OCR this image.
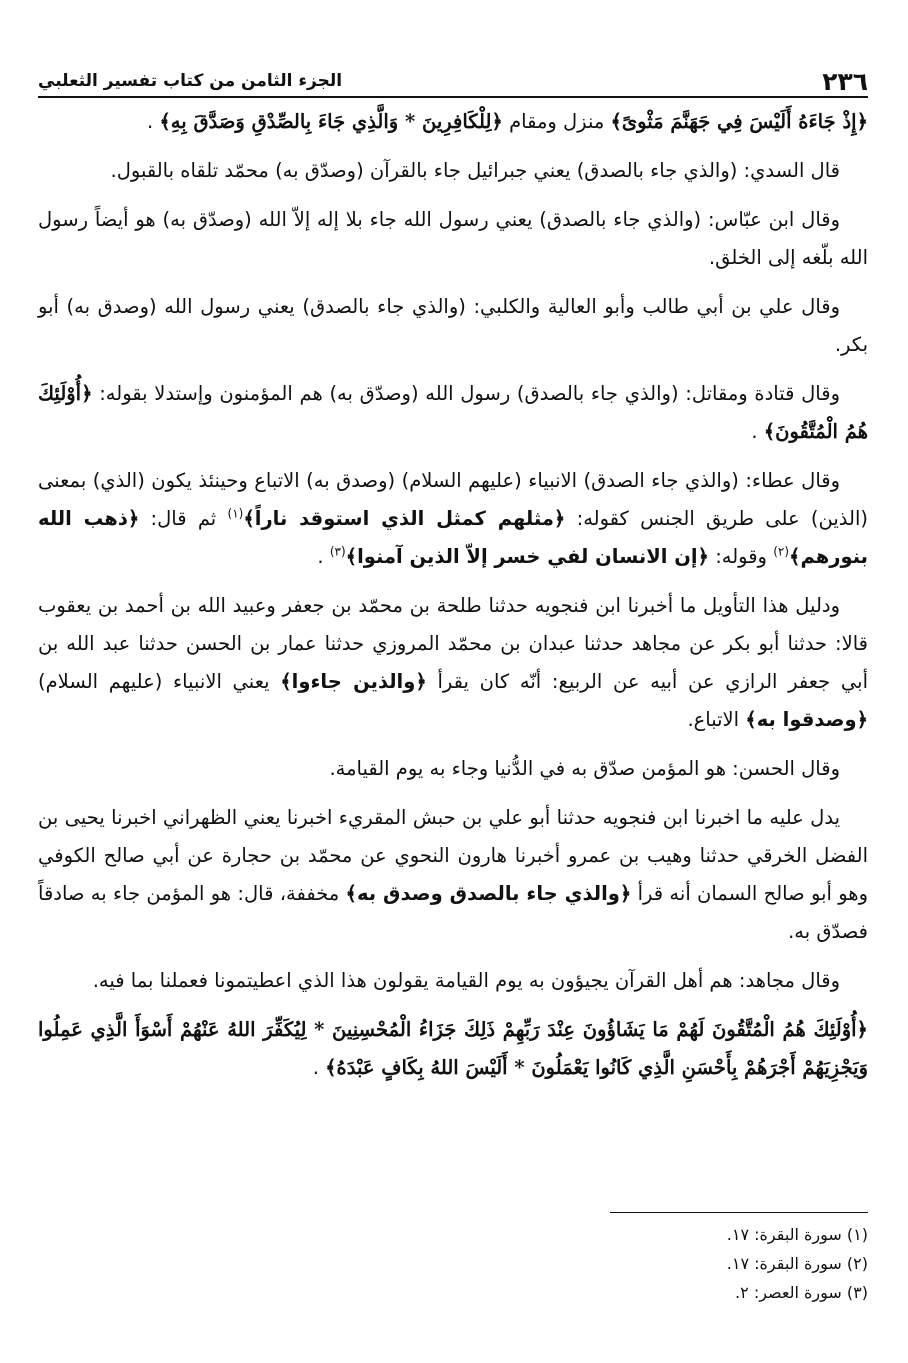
٢٣٦
الجزء الثامن من كتاب تفسير الثعلبي

﴿إِذْ جَاءَهُ أَلَيْسَ فِي جَهَنَّمَ مَثْوىً﴾ منزل ومقام ﴿لِلْكَافِرِينَ * وَالَّذِي جَاءَ بِالصِّدْقِ وَصَدَّقَ بِهِ﴾ .

قال السدي: (والذي جاء بالصدق) يعني جبرائيل جاء بالقرآن (وصدّق به) محمّد تلقاه بالقبول.

وقال ابن عبّاس: (والذي جاء بالصدق) يعني رسول الله جاء بلا إله إلاّ الله (وصدّق به) هو أيضاً رسول الله بلّغه إلى الخلق.

وقال علي بن أبي طالب وأبو العالية والكلبي: (والذي جاء بالصدق) يعني رسول الله (وصدق به) أبو بكر.

وقال قتادة ومقاتل: (والذي جاء بالصدق) رسول الله (وصدّق به) هم المؤمنون وإستدلا بقوله: ﴿أُوْلَئِكَ هُمُ الْمُتَّقُونَ﴾ .

وقال عطاء: (والذي جاء الصدق) الانبياء (عليهم السلام) (وصدق به) الاتباع وحينئذ يكون (الذي) بمعنى (الذين) على طريق الجنس كقوله: ﴿مثلهم كمثل الذي استوقد ناراً﴾$^{(١)}$ ثم قال: ﴿ذهب الله بنورهم﴾$^{(٢)}$ وقوله: ﴿إن الانسان لفي خسر إلاّ الذين آمنوا﴾$^{(٣)}$ .

ودليل هذا التأويل ما أخبرنا ابن فنجويه حدثنا طلحة بن محمّد بن جعفر وعبيد الله بن أحمد بن يعقوب قالا: حدثنا أبو بكر عن مجاهد حدثنا عبدان بن محمّد المروزي حدثنا عمار بن الحسن حدثنا عبد الله بن أبي جعفر الرازي عن أبيه عن الربيع: أنّه كان يقرأ ﴿والذين جاءوا﴾ يعني الانبياء (عليهم السلام) ﴿وصدقوا به﴾ الاتباع.

وقال الحسن: هو المؤمن صدّق به في الدُّنيا وجاء به يوم القيامة.

يدل عليه ما اخبرنا ابن فنجويه حدثنا أبو علي بن حبش المقريء اخبرنا يعني الظهراني اخبرنا يحيى بن الفضل الخرقي حدثنا وهيب بن عمرو أخبرنا هارون النحوي عن محمّد بن حجارة عن أبي صالح الكوفي وهو أبو صالح السمان أنه قرأ ﴿والذي جاء بالصدق وصدق به﴾ مخففة، قال: هو المؤمن جاء به صادقاً فصدّق به.

وقال مجاهد: هم أهل القرآن يجيؤون به يوم القيامة يقولون هذا الذي اعطيتمونا فعملنا بما فيه.

﴿أُوْلَئِكَ هُمُ الْمُتَّقُونَ لَهُمْ مَا يَشَاؤُونَ عِنْدَ رَبِّهِمْ ذَلِكَ جَزَاءُ الْمُحْسِنِينَ * لِيُكَفِّرَ اللهُ عَنْهُمْ أَسْوَأَ الَّذِي عَمِلُوا وَيَجْزِيَهُمْ أَجْرَهُمْ بِأَحْسَنِ الَّذِي كَانُوا يَعْمَلُونَ * أَلَيْسَ اللهُ بِكَافٍ عَبْدَهُ﴾ .

(١) سورة البقرة: ١٧.

(٢) سورة البقرة: ١٧.

(٣) سورة العصر: ٢.
